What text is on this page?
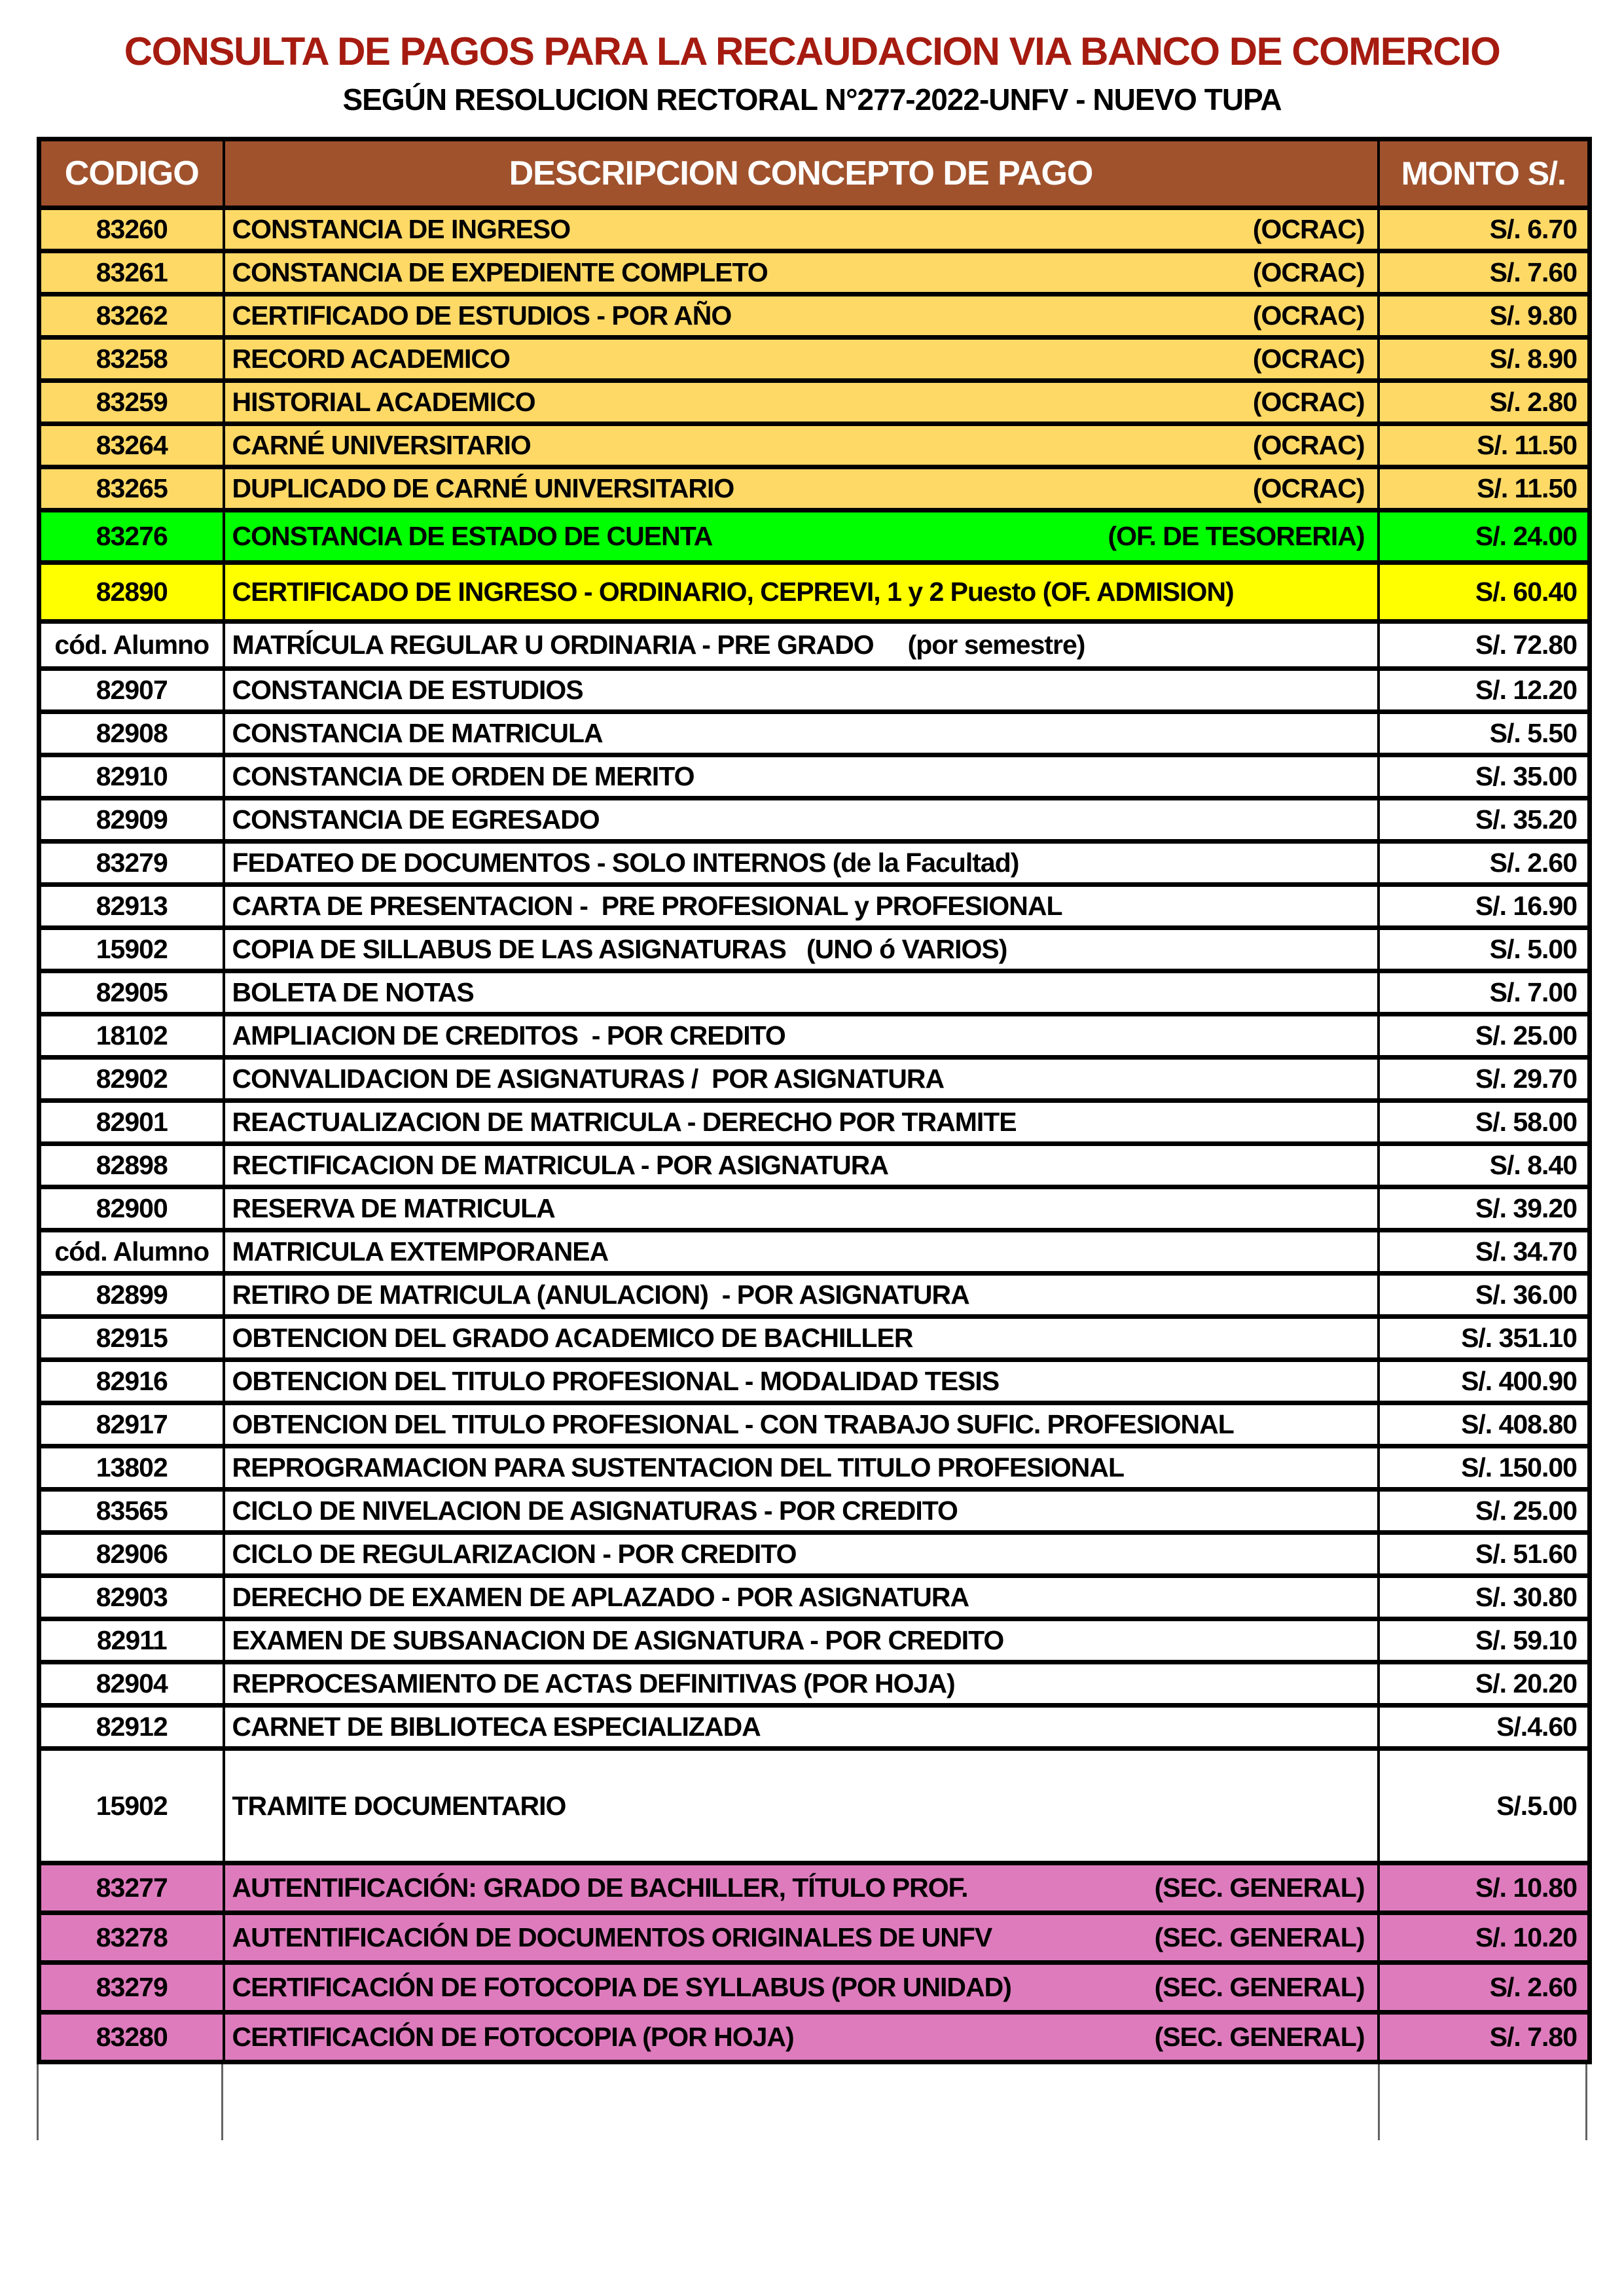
CONSULTA DE PAGOS PARA LA RECAUDACION VIA BANCO DE COMERCIO
SEGÚN RESOLUCION RECTORAL N°277-2022-UNFV - NUEVO TUPA
CODIGO	DESCRIPCION CONCEPTO DE PAGO	MONTO S/.
83260	CONSTANCIA DE INGRESO (OCRAC)	S/. 6.70
83261	CONSTANCIA DE EXPEDIENTE COMPLETO (OCRAC)	S/. 7.60
83262	CERTIFICADO DE ESTUDIOS - POR AÑO (OCRAC)	S/. 9.80
83258	RECORD ACADEMICO (OCRAC)	S/. 8.90
83259	HISTORIAL ACADEMICO (OCRAC)	S/. 2.80
83264	CARNÉ UNIVERSITARIO (OCRAC)	S/. 11.50
83265	DUPLICADO DE CARNÉ UNIVERSITARIO (OCRAC)	S/. 11.50
83276	CONSTANCIA DE ESTADO DE CUENTA (OF. DE TESORERIA)	S/. 24.00
82890	CERTIFICADO DE INGRESO - ORDINARIO, CEPREVI, 1 y 2 Puesto (OF. ADMISION)	S/. 60.40
cód. Alumno	MATRÍCULA REGULAR U ORDINARIA - PRE GRADO     (por semestre)	S/. 72.80
82907	CONSTANCIA DE ESTUDIOS	S/. 12.20
82908	CONSTANCIA DE MATRICULA	S/. 5.50
82910	CONSTANCIA DE ORDEN DE MERITO	S/. 35.00
82909	CONSTANCIA DE EGRESADO	S/. 35.20
83279	FEDATEO DE DOCUMENTOS - SOLO INTERNOS (de la Facultad)	S/. 2.60
82913	CARTA DE PRESENTACION -  PRE PROFESIONAL y PROFESIONAL	S/. 16.90
15902	COPIA DE SILLABUS DE LAS ASIGNATURAS   (UNO ó VARIOS)	S/. 5.00
82905	BOLETA DE NOTAS	S/. 7.00
18102	AMPLIACION DE CREDITOS  - POR CREDITO	S/. 25.00
82902	CONVALIDACION DE ASIGNATURAS /  POR ASIGNATURA	S/. 29.70
82901	REACTUALIZACION DE MATRICULA - DERECHO POR TRAMITE	S/. 58.00
82898	RECTIFICACION DE MATRICULA - POR ASIGNATURA	S/. 8.40
82900	RESERVA DE MATRICULA	S/. 39.20
cód. Alumno	MATRICULA EXTEMPORANEA	S/. 34.70
82899	RETIRO DE MATRICULA (ANULACION)  - POR ASIGNATURA	S/. 36.00
82915	OBTENCION DEL GRADO ACADEMICO DE BACHILLER	S/. 351.10
82916	OBTENCION DEL TITULO PROFESIONAL - MODALIDAD TESIS	S/. 400.90
82917	OBTENCION DEL TITULO PROFESIONAL - CON TRABAJO SUFIC. PROFESIONAL	S/. 408.80
13802	REPROGRAMACION PARA SUSTENTACION DEL TITULO PROFESIONAL	S/. 150.00
83565	CICLO DE NIVELACION DE ASIGNATURAS - POR CREDITO	S/. 25.00
82906	CICLO DE REGULARIZACION - POR CREDITO	S/. 51.60
82903	DERECHO DE EXAMEN DE APLAZADO - POR ASIGNATURA	S/. 30.80
82911	EXAMEN DE SUBSANACION DE ASIGNATURA - POR CREDITO	S/. 59.10
82904	REPROCESAMIENTO DE ACTAS DEFINITIVAS (POR HOJA)	S/. 20.20
82912	CARNET DE BIBLIOTECA ESPECIALIZADA	S/.4.60
15902	TRAMITE DOCUMENTARIO	S/.5.00
83277	AUTENTIFICACIÓN: GRADO DE BACHILLER, TÍTULO PROF. (SEC. GENERAL)	S/. 10.80
83278	AUTENTIFICACIÓN DE DOCUMENTOS ORIGINALES DE UNFV (SEC. GENERAL)	S/. 10.20
83279	CERTIFICACIÓN DE FOTOCOPIA DE SYLLABUS (POR UNIDAD) (SEC. GENERAL)	S/. 2.60
83280	CERTIFICACIÓN DE FOTOCOPIA (POR HOJA) (SEC. GENERAL)	S/. 7.80
